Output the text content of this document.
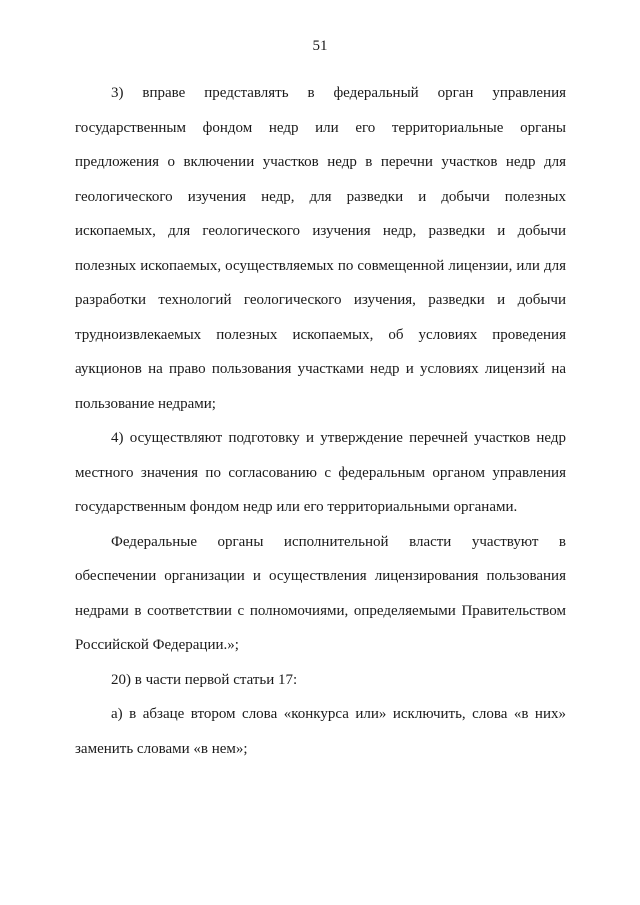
51

3) вправе представлять в федеральный орган управления государственным фондом недр или его территориальные органы предложения о включении участков недр в перечни участков недр для геологического изучения недр, для разведки и добычи полезных ископаемых, для геологического изучения недр, разведки и добычи полезных ископаемых, осуществляемых по совмещенной лицензии, или для разработки технологий геологического изучения, разведки и добычи трудноизвлекаемых полезных ископаемых, об условиях проведения аукционов на право пользования участками недр и условиях лицензий на пользование недрами;

4) осуществляют подготовку и утверждение перечней участков недр местного значения по согласованию с федеральным органом управления государственным фондом недр или его территориальными органами.

Федеральные органы исполнительной власти участвуют в обеспечении организации и осуществления лицензирования пользования недрами в соответствии с полномочиями, определяемыми Правительством Российской Федерации.»;

20) в части первой статьи 17:

а) в абзаце втором слова «конкурса или» исключить, слова «в них» заменить словами «в нем»;
